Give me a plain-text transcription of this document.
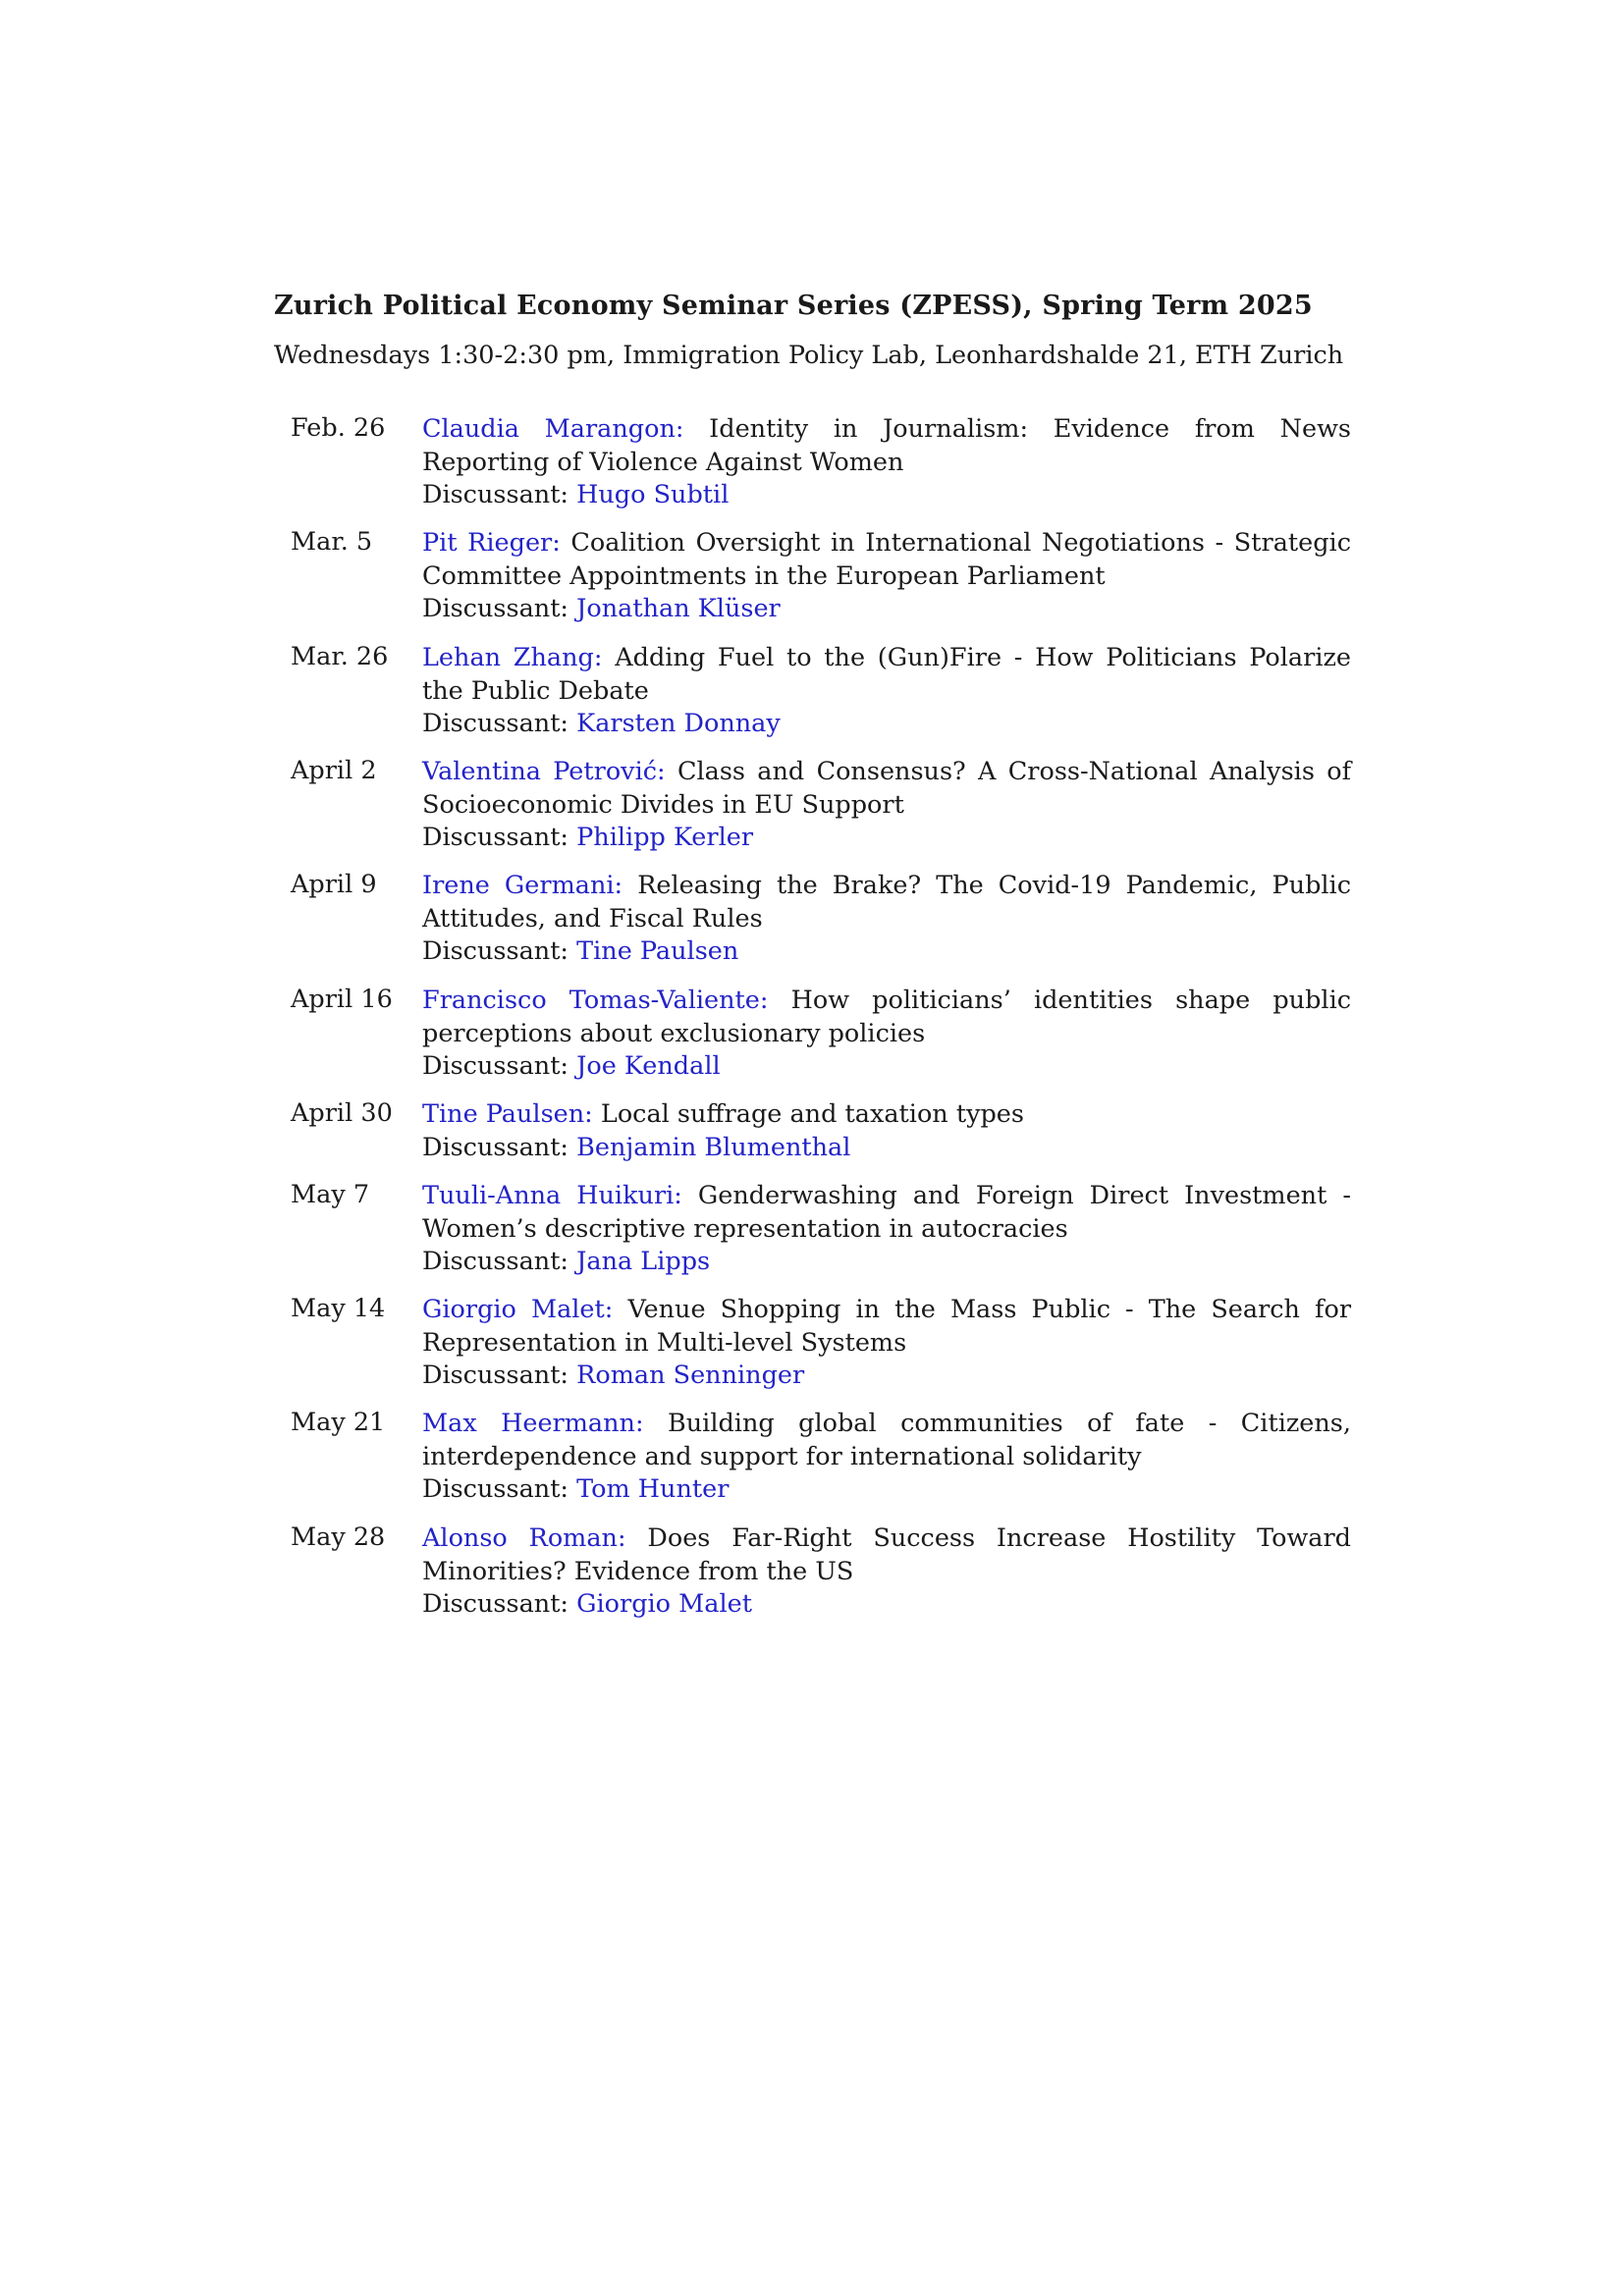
Zurich Political Economy Seminar Series (ZPESS), Spring Term 2025
Wednesdays 1:30-2:30 pm, Immigration Policy Lab, Leonhardshalde 21, ETH Zurich
Feb. 26 Claudia Marangon: Identity in Journalism: Evidence from News Reporting of Violence Against Women
Discussant: Hugo Subtil
Mar. 5 Pit Rieger: Coalition Oversight in International Negotiations - Strategic Committee Appointments in the European Parliament
Discussant: Jonathan Klüser
Mar. 26 Lehan Zhang: Adding Fuel to the (Gun)Fire - How Politicians Polarize the Public Debate
Discussant: Karsten Donnay
April 2 Valentina Petrović: Class and Consensus? A Cross-National Analysis of Socioeconomic Divides in EU Support
Discussant: Philipp Kerler
April 9 Irene Germani: Releasing the Brake? The Covid-19 Pandemic, Public Attitudes, and Fiscal Rules
Discussant: Tine Paulsen
April 16 Francisco Tomas-Valiente: How politicians’ identities shape public perceptions about exclusionary policies
Discussant: Joe Kendall
April 30 Tine Paulsen: Local suffrage and taxation types
Discussant: Benjamin Blumenthal
May 7 Tuuli-Anna Huikuri: Genderwashing and Foreign Direct Investment - Women’s descriptive representation in autocracies
Discussant: Jana Lipps
May 14 Giorgio Malet: Venue Shopping in the Mass Public - The Search for Representation in Multi-level Systems
Discussant: Roman Senninger
May 21 Max Heermann: Building global communities of fate - Citizens, interdependence and support for international solidarity
Discussant: Tom Hunter
May 28 Alonso Roman: Does Far-Right Success Increase Hostility Toward Minorities? Evidence from the US
Discussant: Giorgio Malet
